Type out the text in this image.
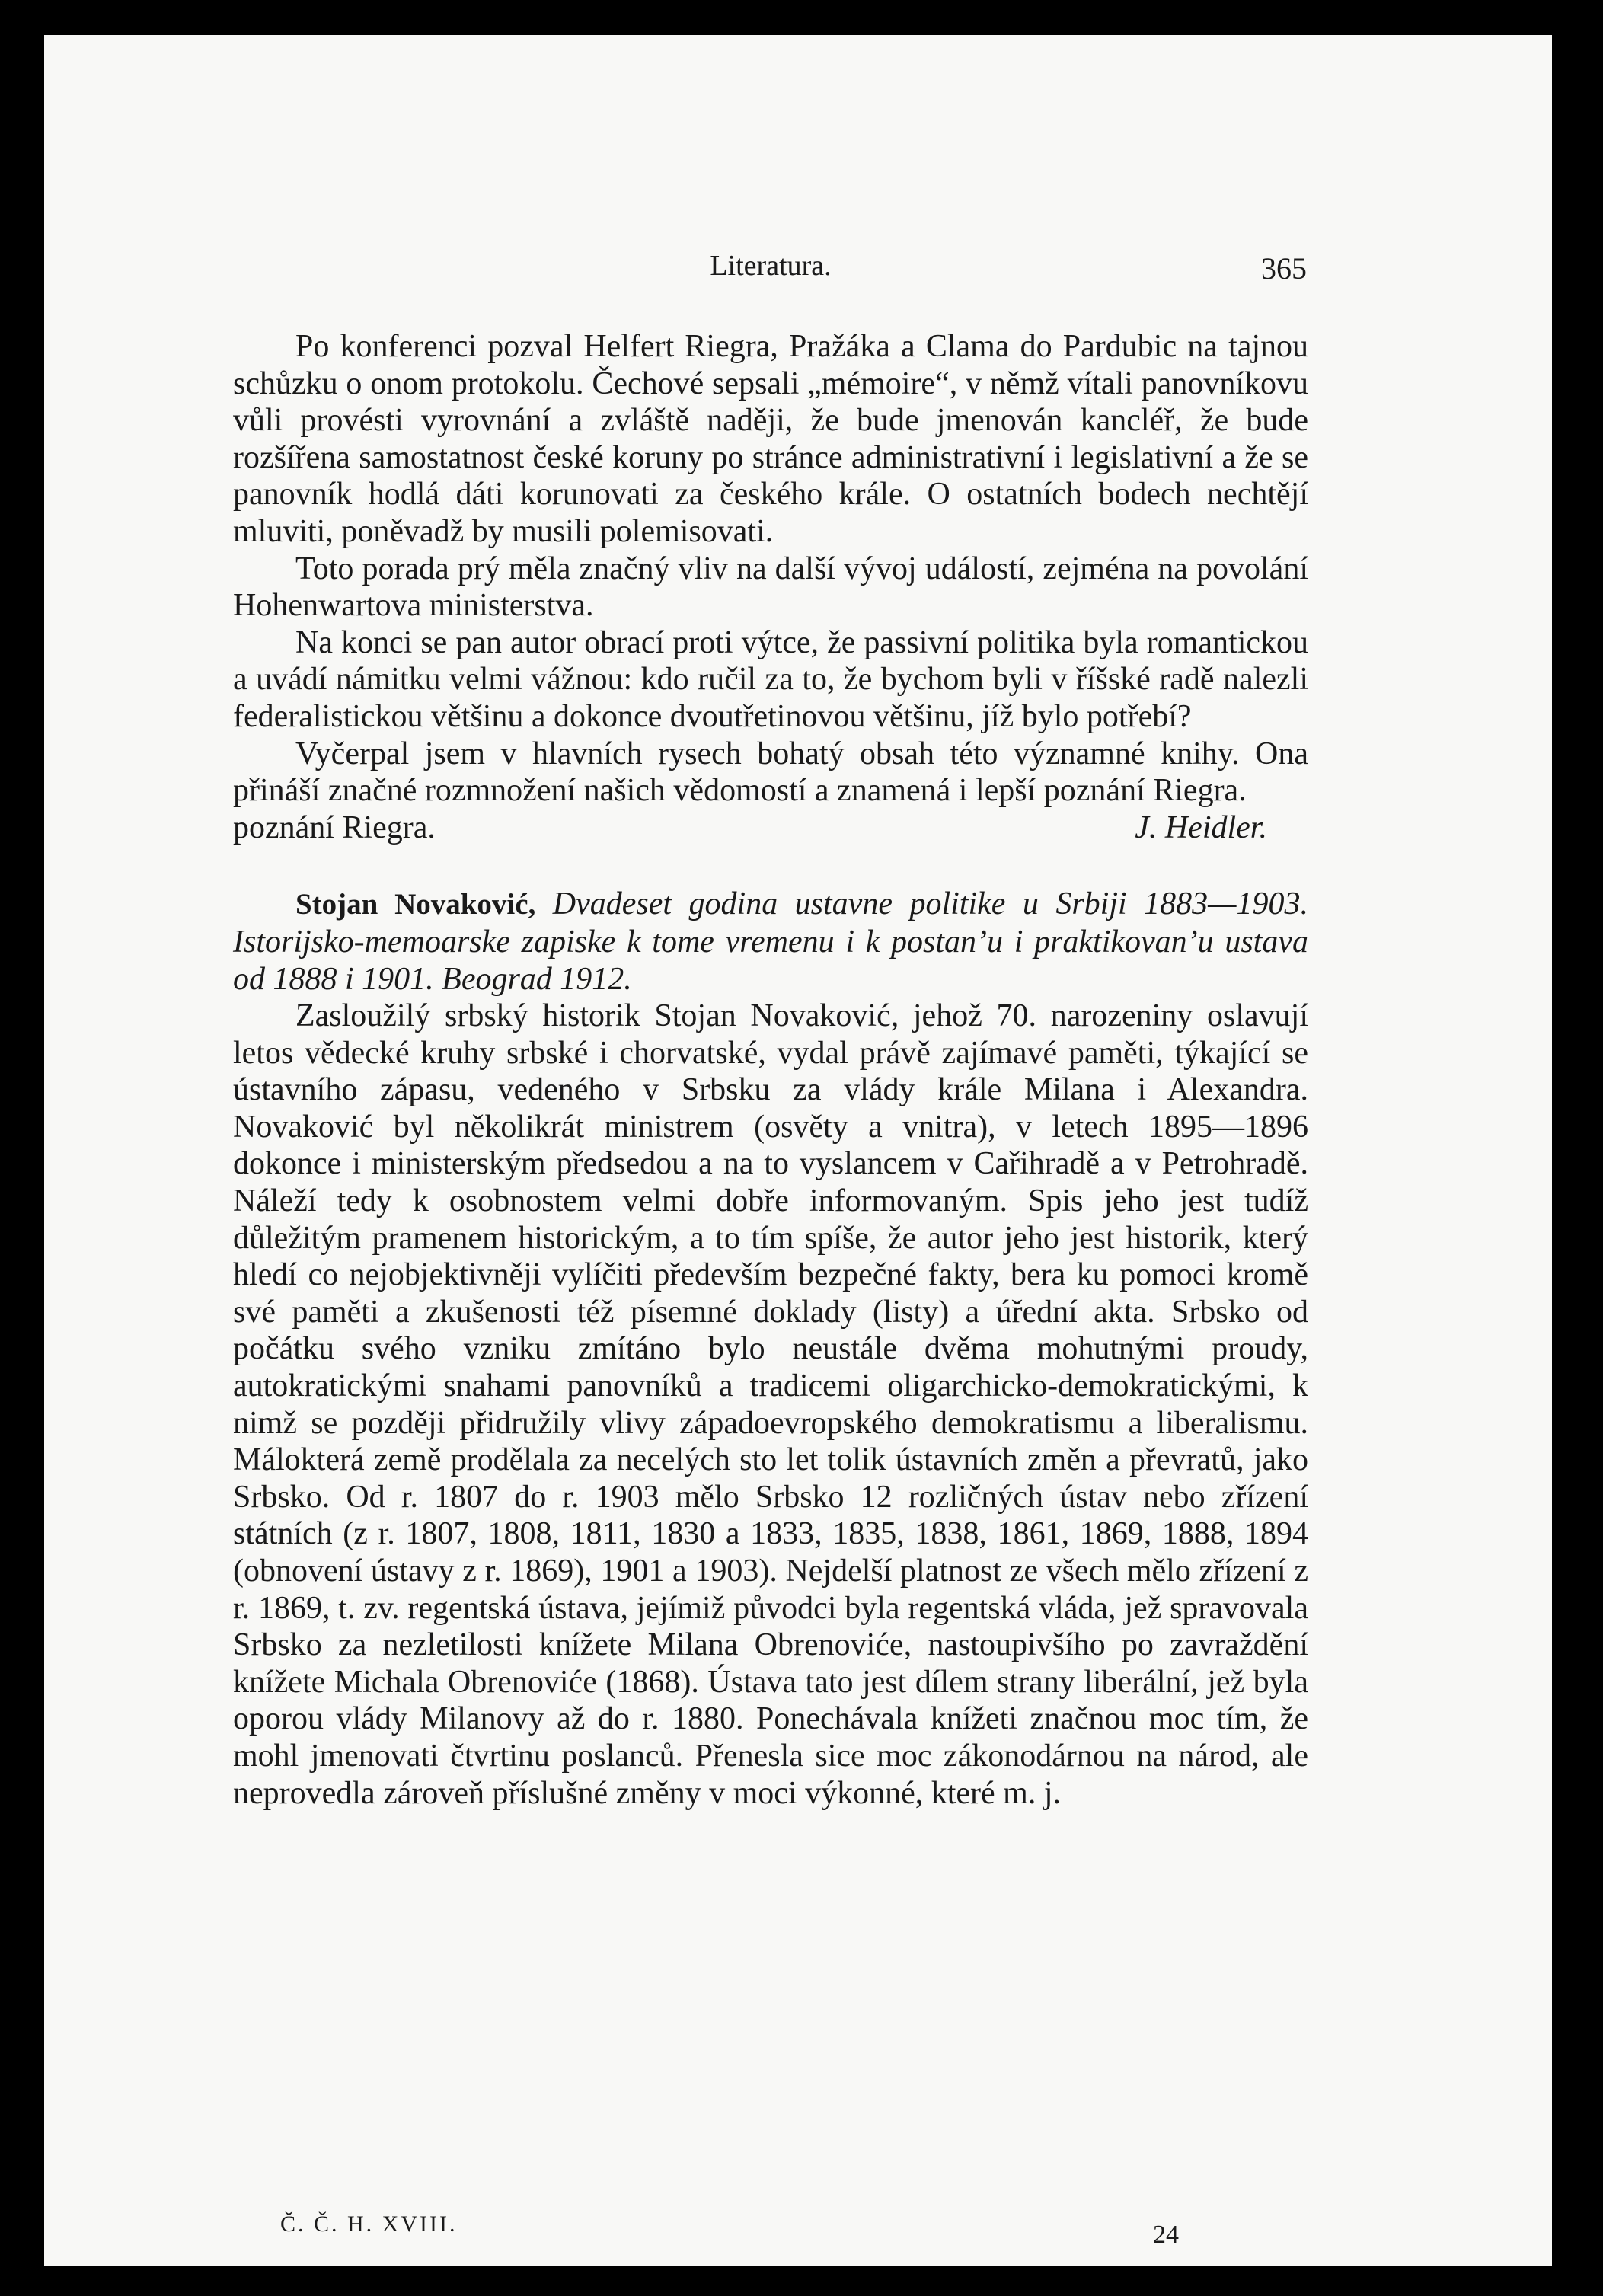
Literatura.	365

Po konferenci pozval Helfert Riegra, Pražáka a Clama do Pardubic na tajnou schůzku o onom protokolu. Čechové sepsali „mémoire“, v němž vítali panovníkovu vůli provésti vyrovnání a zvláště naději, že bude jmenován kancléř, že bude rozšířena samostatnost české koruny po stránce administrativní i legislativní a že se panovník hodlá dáti korunovati za českého krále. O ostatních bodech nechtějí mluviti, poněvadž by musili polemisovati.

Toto porada prý měla značný vliv na další vývoj událostí, zejména na povolání Hohenwartova ministerstva.

Na konci se pan autor obrací proti výtce, že passivní politika byla romantickou a uvádí námitku velmi vážnou: kdo ručil za to, že bychom byli v říšské radě nalezli federalistickou většinu a dokonce dvoutřetinovou většinu, jíž bylo potřebí?

Vyčerpal jsem v hlavních rysech bohatý obsah této významné knihy. Ona přináší značné rozmnožení našich vědomostí a znamená i lepší poznání Riegra.

poznání Riegra.	J. Heidler.

Stojan Novaković, Dvadeset godina ustavne politike u Srbiji 1883—1903. Istorijsko-memoarske zapiske k tome vremenu i k postan’u i praktikovan’u ustava od 1888 i 1901. Beograd 1912.

Zasloužilý srbský historik Stojan Novaković, jehož 70. narozeniny oslavují letos vědecké kruhy srbské i chorvatské, vydal právě zajímavé paměti, týkající se ústavního zápasu, vedeného v Srbsku za vlády krále Milana i Alexandra. Novaković byl několikrát ministrem (osvěty a vnitra), v letech 1895—1896 dokonce i ministerským předsedou a na to vyslancem v Cařihradě a v Petrohradě. Náleží tedy k osobnostem velmi dobře informovaným. Spis jeho jest tudíž důležitým pramenem historickým, a to tím spíše, že autor jeho jest historik, který hledí co nejobjektivněji vylíčiti především bezpečné fakty, bera ku pomoci kromě své paměti a zkušenosti též písemné doklady (listy) a úřední akta. Srbsko od počátku svého vzniku zmítáno bylo neustále dvěma mohutnými proudy, autokratickými snahami panovníků a tradicemi oligarchicko-demokratickými, k nimž se později přidružily vlivy západoevropského demokratismu a liberalismu. Málokterá země prodělala za necelých sto let tolik ústavních změn a převratů, jako Srbsko. Od r. 1807 do r. 1903 mělo Srbsko 12 rozličných ústav nebo zřízení státních (z r. 1807, 1808, 1811, 1830 a 1833, 1835, 1838, 1861, 1869, 1888, 1894 (obnovení ústavy z r. 1869), 1901 a 1903). Nejdelší platnost ze všech mělo zřízení z r. 1869, t. zv. regentská ústava, jejímiž původci byla regentská vláda, jež spravovala Srbsko za nezletilosti knížete Milana Obrenoviće, nastoupivšího po zavraždění knížete Michala Obrenoviće (1868). Ústava tato jest dílem strany liberální, jež byla oporou vlády Milanovy až do r. 1880. Ponechávala knížeti značnou moc tím, že mohl jmenovati čtvrtinu poslanců. Přenesla sice moc zákonodárnou na národ, ale neprovedla zároveň příslušné změny v moci výkonné, které m. j.

Č. Č. H. XVIII.	24
